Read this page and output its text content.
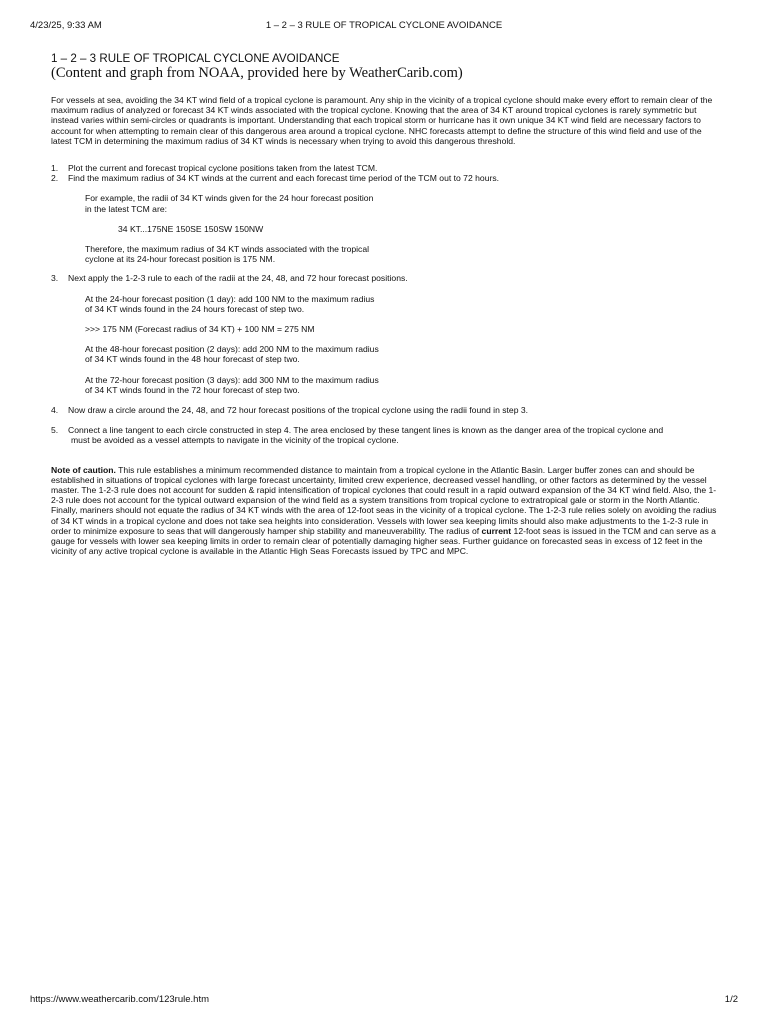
4/23/25, 9:33 AM	1 – 2 – 3 RULE OF TROPICAL CYCLONE AVOIDANCE
1 – 2 – 3 RULE OF TROPICAL CYCLONE AVOIDANCE
(Content and graph from NOAA, provided here by WeatherCarib.com)

For vessels at sea, avoiding the 34 KT wind field of a tropical cyclone is paramount. Any ship in the vicinity of a tropical cyclone should make every effort to remain clear of the maximum radius of analyzed or forecast 34 KT winds associated with the tropical cyclone. Knowing that the area of 34 KT around tropical cyclones is rarely symmetric but instead varies within semi-circles or quadrants is important. Understanding that each tropical storm or hurricane has it own unique 34 KT wind field are necessary factors to account for when attempting to remain clear of this dangerous area around a tropical cyclone. NHC forecasts attempt to define the structure of this wind field and use of the latest TCM in determining the maximum radius of 34 KT winds is necessary when trying to avoid this dangerous threshold.

1. Plot the current and forecast tropical cyclone positions taken from the latest TCM.
2. Find the maximum radius of 34 KT winds at the current and each forecast time period of the TCM out to 72 hours.
For example, the radii of 34 KT winds given for the 24 hour forecast position
in the latest TCM are:
34 KT...175NE 150SE 150SW 150NW
Therefore, the maximum radius of 34 KT winds associated with the tropical
cyclone at its 24-hour forecast position is 175 NM.
3. Next apply the 1-2-3 rule to each of the radii at the 24, 48, and 72 hour forecast positions.
At the 24-hour forecast position (1 day): add 100 NM to the maximum radius
of 34 KT winds found in the 24 hours forecast of step two.
>>> 175 NM (Forecast radius of 34 KT) + 100 NM = 275 NM
At the 48-hour forecast position (2 days): add 200 NM to the maximum radius
of 34 KT winds found in the 48 hour forecast of step two.
At the 72-hour forecast position (3 days): add 300 NM to the maximum radius
of 34 KT winds found in the 72 hour forecast of step two.
4. Now draw a circle around the 24, 48, and 72 hour forecast positions of the tropical cyclone using the radii found in step 3.
5. Connect a line tangent to each circle constructed in step 4. The area enclosed by these tangent lines is known as the danger area of the tropical cyclone and
must be avoided as a vessel attempts to navigate in the vicinity of the tropical cyclone.

Note of caution. This rule establishes a minimum recommended distance to maintain from a tropical cyclone in the Atlantic Basin. Larger buffer zones can and should be established in situations of tropical cyclones with large forecast uncertainty, limited crew experience, decreased vessel handling, or other factors as determined by the vessel master. The 1-2-3 rule does not account for sudden & rapid intensification of tropical cyclones that could result in a rapid outward expansion of the 34 KT wind field. Also, the 1-2-3 rule does not account for the typical outward expansion of the wind field as a system transitions from tropical cyclone to extratropical gale or storm in the North Atlantic. Finally, mariners should not equate the radius of 34 KT winds with the area of 12-foot seas in the vicinity of a tropical cyclone. The 1-2-3 rule relies solely on avoiding the radius of 34 KT winds in a tropical cyclone and does not take sea heights into consideration. Vessels with lower sea keeping limits should also make adjustments to the 1-2-3 rule in order to minimize exposure to seas that will dangerously hamper ship stability and maneuverability. The radius of current 12-foot seas is issued in the TCM and can serve as a gauge for vessels with lower sea keeping limits in order to remain clear of potentially damaging higher seas. Further guidance on forecasted seas in excess of 12 feet in the vicinity of any active tropical cyclone is available in the Atlantic High Seas Forecasts issued by TPC and MPC.

https://www.weathercarib.com/123rule.htm	1/2
